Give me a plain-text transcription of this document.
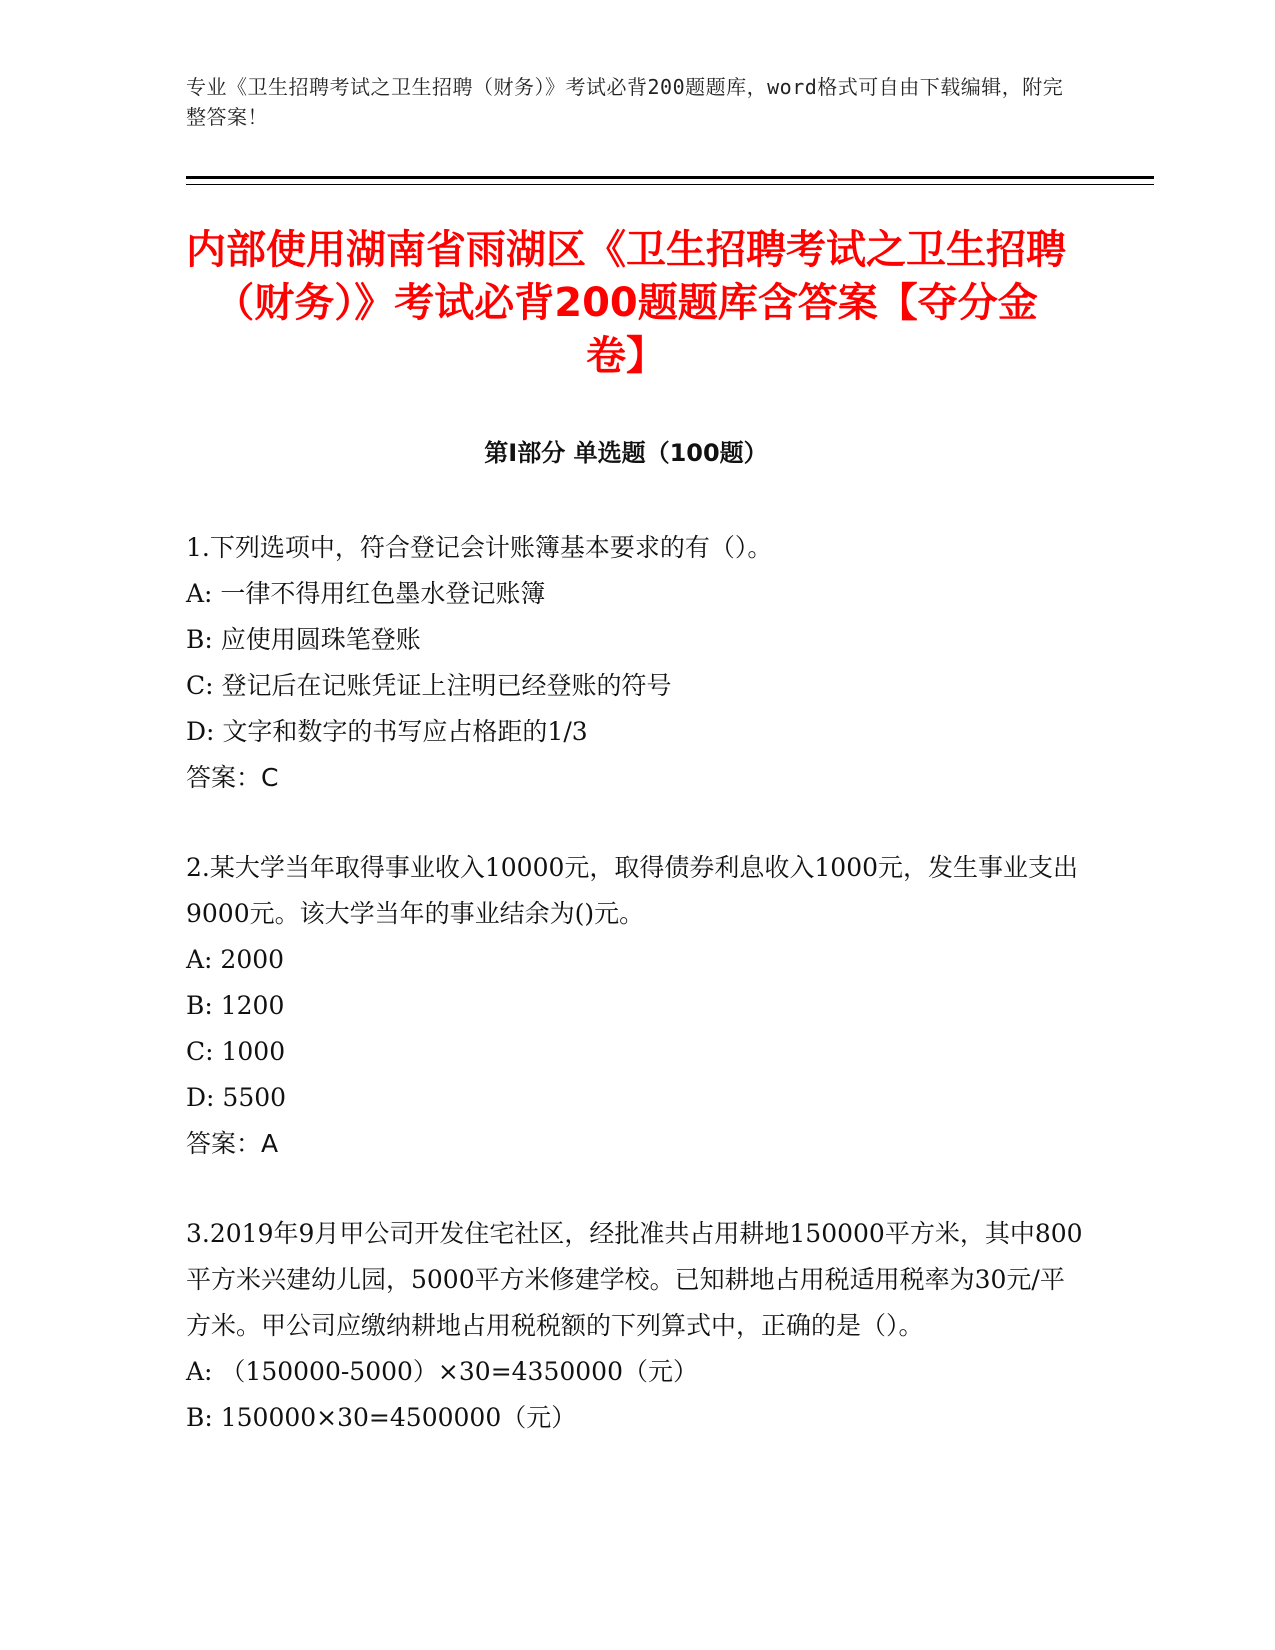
专业《卫生招聘考试之卫生招聘（财务）》考试必背200题题库，word格式可自由下载编辑，附完整答案！
内部使用湖南省雨湖区《卫生招聘考试之卫生招聘（财务）》考试必背200题题库含答案【夺分金卷】
第Ⅰ部分 单选题（100题）

1.下列选项中，符合登记会计账簿基本要求的有（）。

A: 一律不得用红色墨水登记账簿

B: 应使用圆珠笔登账

C: 登记后在记账凭证上注明已经登账的符号

D: 文字和数字的书写应占格距的1/3

答案：C

2.某大学当年取得事业收入10000元，取得债券利息收入1000元，发生事业支出9000元。该大学当年的事业结余为()元。

A: 2000

B: 1200

C: 1000

D: 5500

答案：A

3.2019年9月甲公司开发住宅社区，经批准共占用耕地150000平方米，其中800平方米兴建幼儿园，5000平方米修建学校。已知耕地占用税适用税率为30元/平方米。甲公司应缴纳耕地占用税税额的下列算式中，正确的是（）。

A: （150000-5000）×30=4350000（元）

B: 150000×30=4500000（元）
